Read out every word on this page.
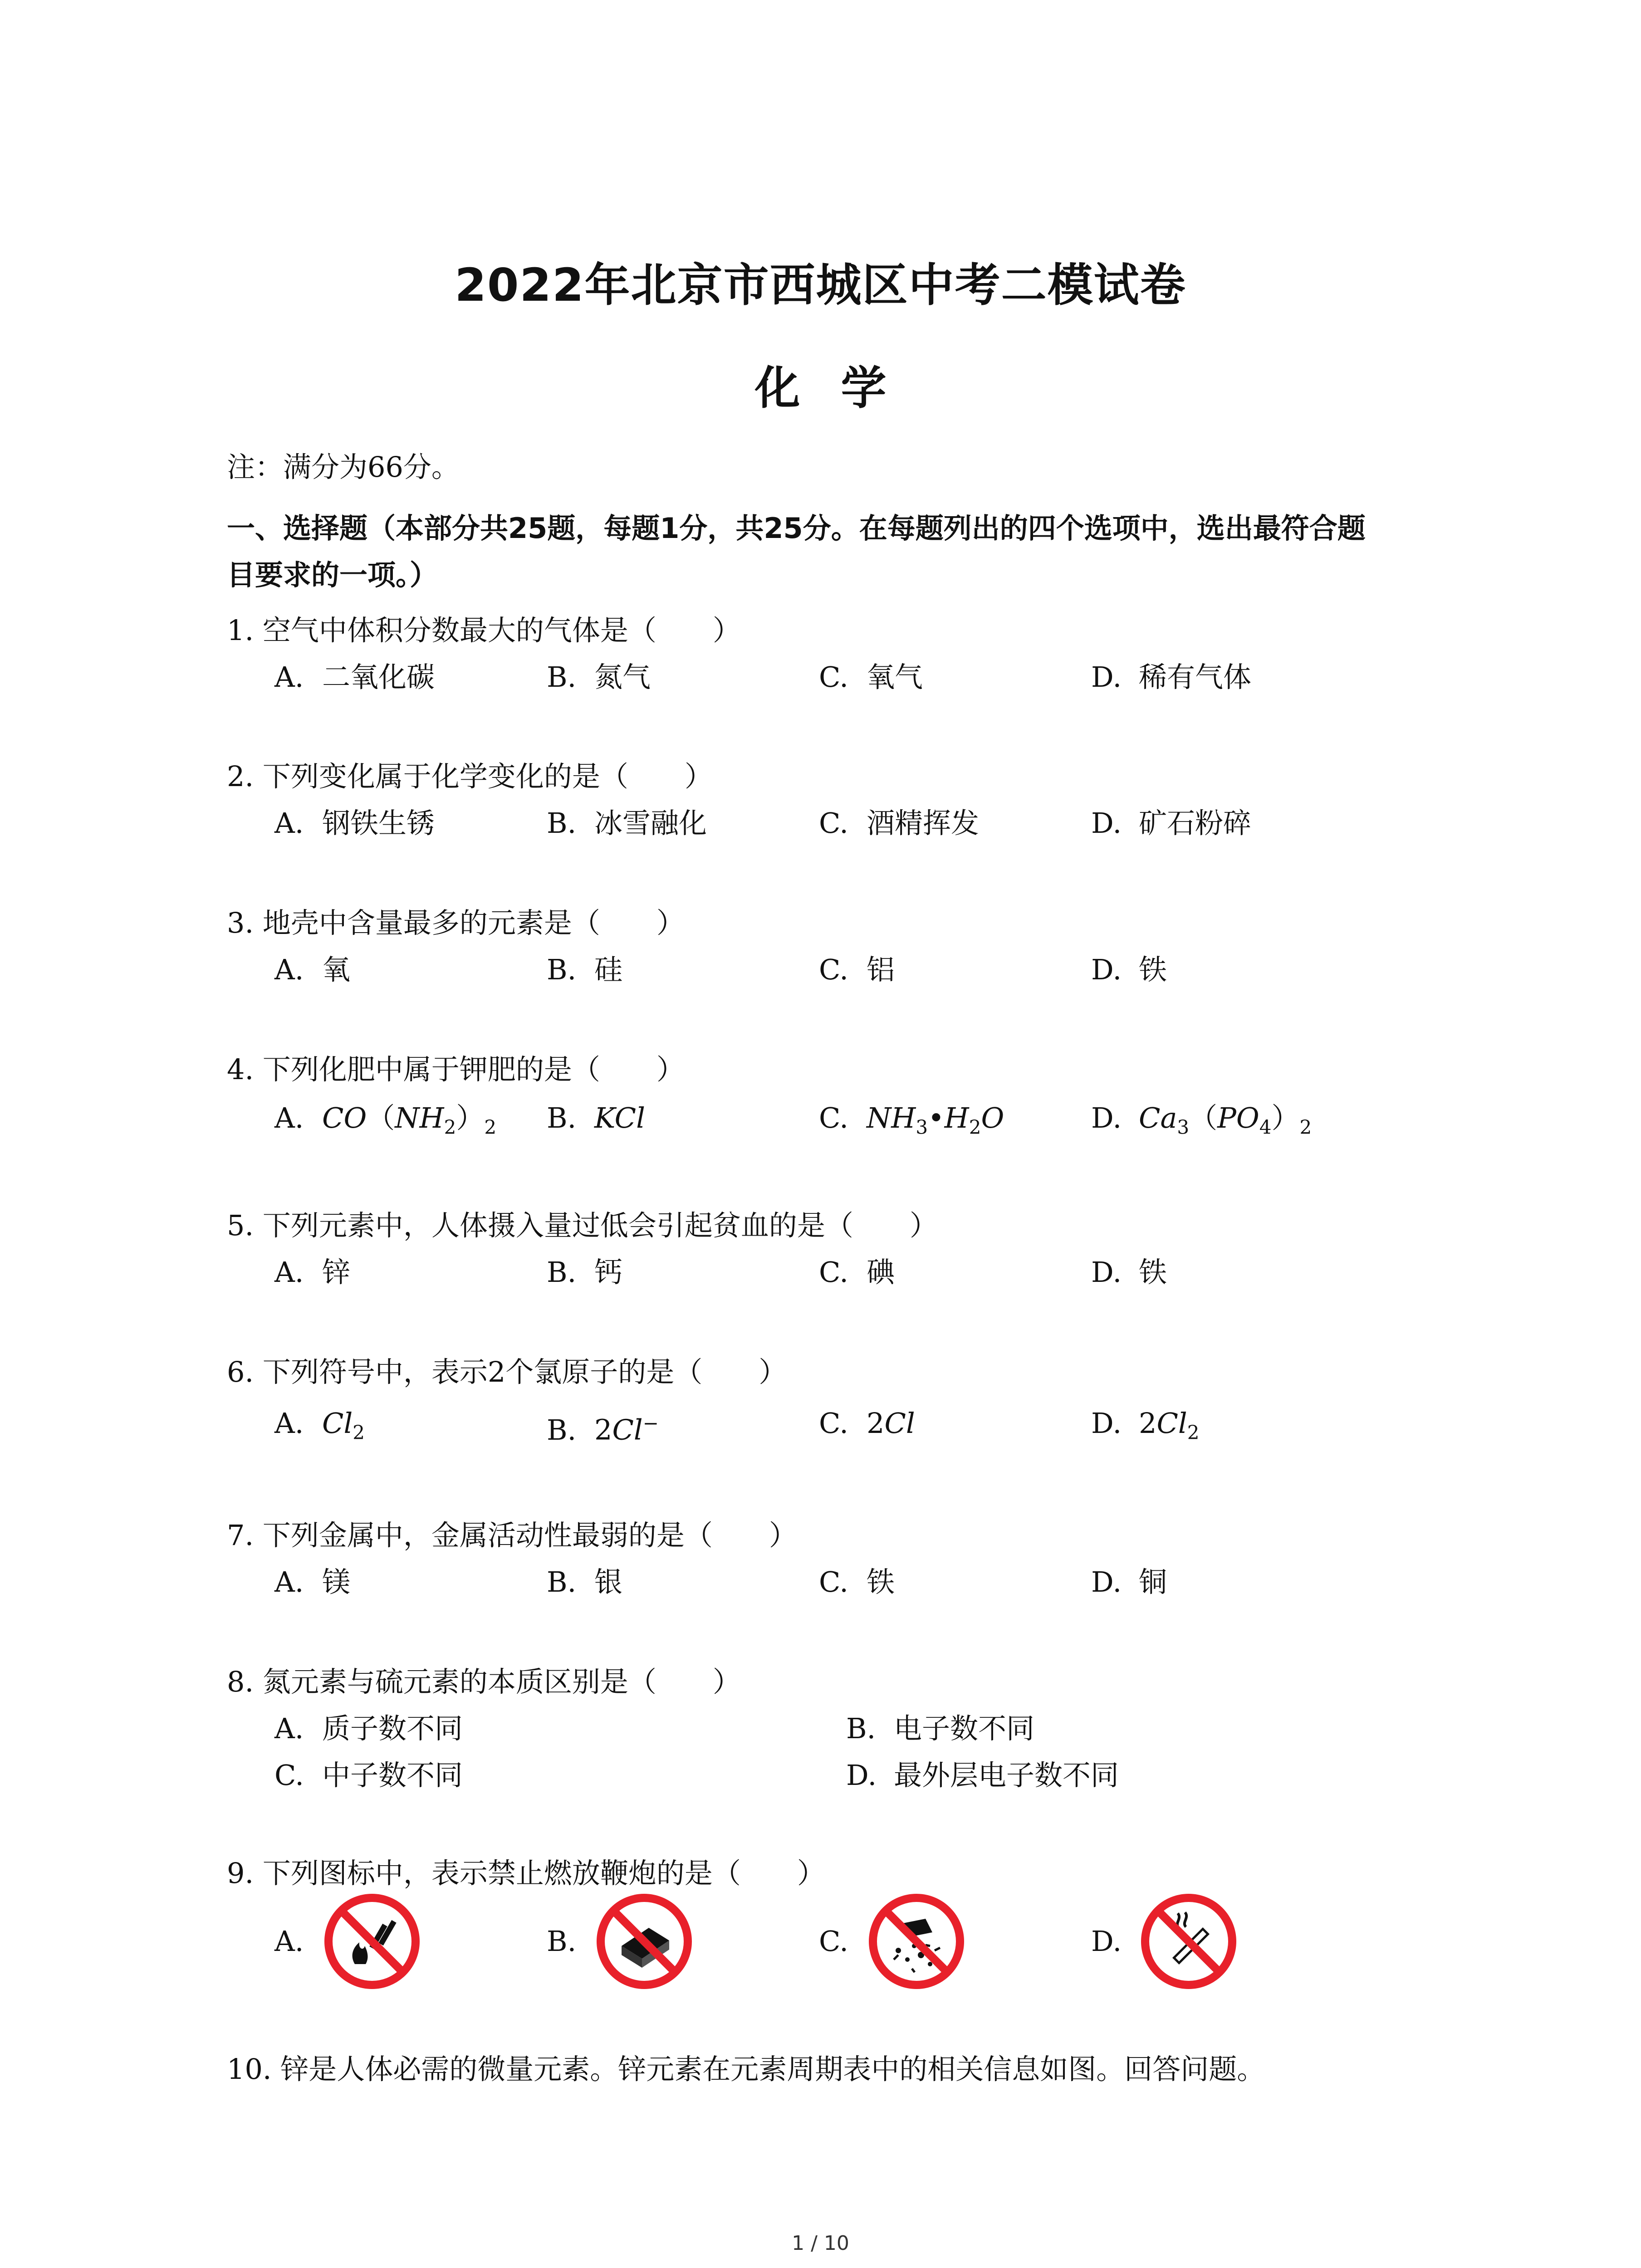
2022年北京市西城区中考二模试卷
化学

注：满分为66分。

一、选择题（本部分共25题，每题1分，共25分。在每题列出的四个选项中，选出最符合题

目要求的一项。）

1. 空气中体积分数最大的气体是（　　）

A. 二氧化碳	B. 氮气	C. 氧气	D. 稀有气体

2. 下列变化属于化学变化的是（　　）

A. 钢铁生锈	B. 冰雪融化	C. 酒精挥发	D. 矿石粉碎

3. 地壳中含量最多的元素是（　　）

A. 氧	B. 硅	C. 铝	D. 铁

4. 下列化肥中属于钾肥的是（　　）

A. $CO(NH_2)_2$ B. KCl	C. $NH_3•H_2O$	D. $Ca_3(PO_4)_2$

5. 下列元素中，人体摄入量过低会引起贫血的是（　　）

A. 锌	B. 钙	C. 碘	D. 铁

6. 下列符号中，表示2个氯原子的是（　　）

A. $Cl_2$	B. 2Cl−	C. 2Cl	D. $2Cl_2$

7. 下列金属中，金属活动性最弱的是（　　）

A. 镁	B. 银	C. 铁	D. 铜

8. 氮元素与硫元素的本质区别是（　　）

A. 质子数不同	B. 电子数不同
C. 中子数不同	D. 最外层电子数不同

9. 下列图标中，表示禁止燃放鞭炮的是（　　）

A.	B.	C.	D.

10. 锌是人体必需的微量元素。锌元素在元素周期表中的相关信息如图。回答问题。

1 / 10
